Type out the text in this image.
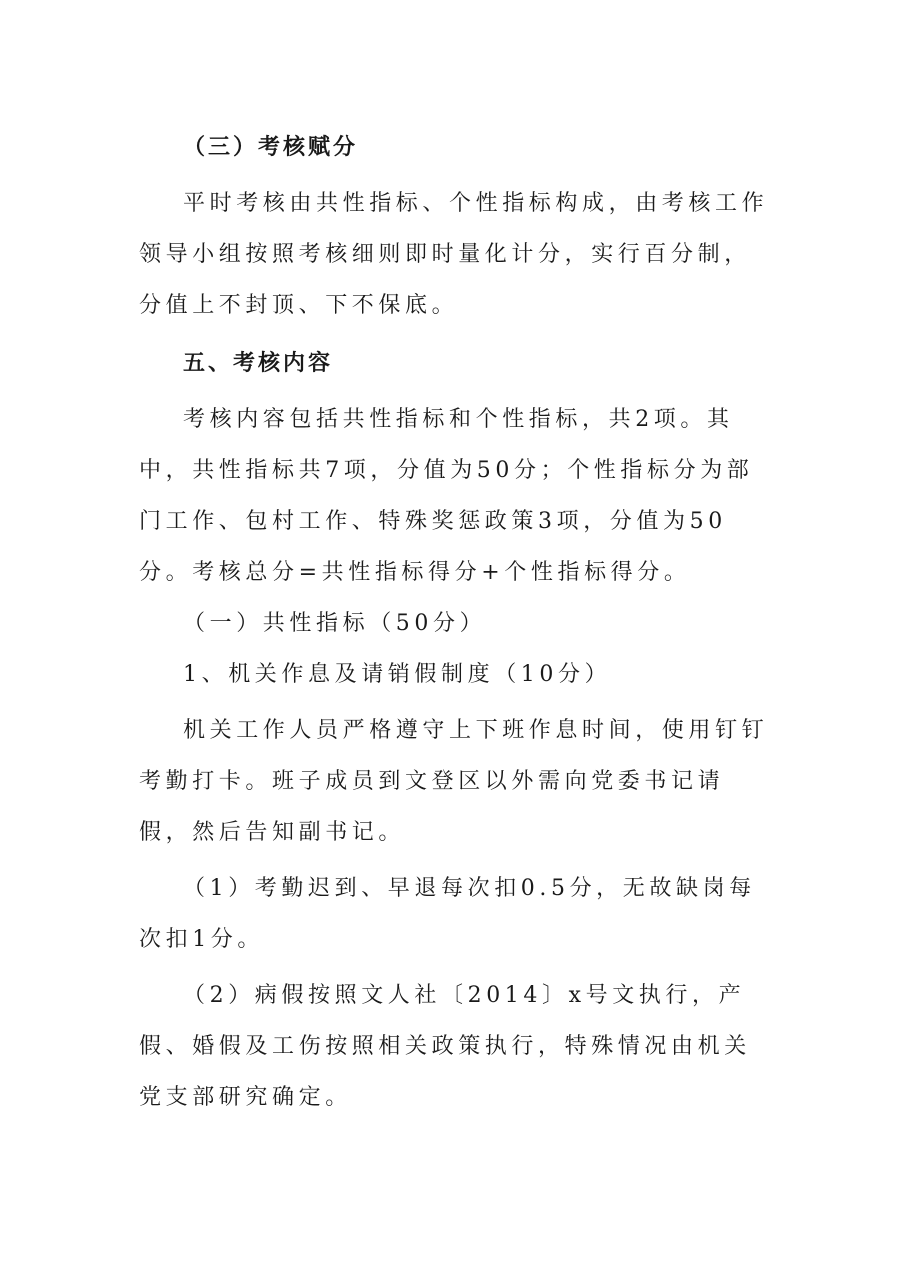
（三）考核赋分

平时考核由共性指标、个性指标构成，由考核工作领导小组按照考核细则即时量化计分，实行百分制，分值上不封顶、下不保底。

五、考核内容

考核内容包括共性指标和个性指标，共2项。其中，共性指标共7项，分值为50分；个性指标分为部门工作、包村工作、特殊奖惩政策3项，分值为50分。考核总分=共性指标得分+个性指标得分。

（一）共性指标（50分）

1、机关作息及请销假制度（10分）

机关工作人员严格遵守上下班作息时间，使用钉钉考勤打卡。班子成员到文登区以外需向党委书记请假，然后告知副书记。

（1）考勤迟到、早退每次扣0.5分，无故缺岗每次扣1分。

（2）病假按照文人社〔2014〕x号文执行，产假、婚假及工伤按照相关政策执行，特殊情况由机关党支部研究确定。
